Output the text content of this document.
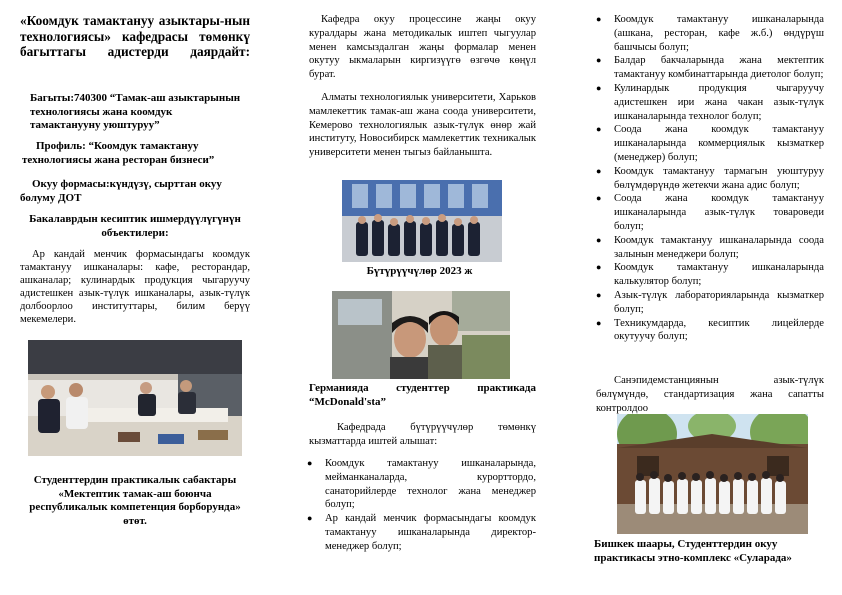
«Коомдук тамактануу азыктары-нын технологиясы» кафедрасы төмөнкү багыттагы адистерди даярдайт:

Багыты:740300 “Тамак-аш азыктарынын технологиясы жана коомдук тамактанууну уюштуруу”

Профиль: “Коомдук тамактануу технологиясы жана ресторан бизнеси”

Окуу формасы:күндүзү, сырттан окуу болуму ДОТ

Бакалаврдын кесиптик ишмердүүлүгүнүн объектилери:

Ар кандай менчик формасындагы коомдук тамактануу ишканалары: кафе, ресторандар, ашканалар; кулинардык продукция чыгаруучу адистешкен азык-түлүк ишканалары, азык-түлүк долбоорлоо институттары, билим берүү мекемелери.

Студенттердин практикалык сабактары «Мектептик тамак-аш боюнча республикалык компетенция борборунда» өтөт.

Кафедра окуу процессине жаңы окуу куралдары жана методикалык иштеп чыгуулар менен камсыздалган жаңы формалар менен окутуу ыкмаларын киргизүүгө өзгөчө көңүл бурат.

Алматы технологиялык университети, Харьков мамлекеттик тамак-аш жана соода университети, Кемерово технологиялык азык-түлүк өнөр жай институту, Новосибирск мамлекеттик техникалык университети менен тыгыз байланышта.

Бүтүрүүчүлөр 2023 ж

Германияда студенттер практикада “McDonald'sta”

Кафедрада бүтүрүүчүлөр төмөнкү кызматтарда иштей алышат:

● Коомдук тамактануу ишканаларында, мейманканаларда, курорттордо, санаторийлерде технолог жана менеджер болуп;
● Ар кандай менчик формасындагы коомдук тамактануу ишканаларында директор-менеджер болуп;
● Коомдук тамактануу ишканаларында (ашкана, ресторан, кафе ж.б.) өндүрүш башчысы болуп;
● Балдар бакчаларында жана мектептик тамактануу комбинаттарында диетолог болуп;
● Кулинардык продукция чыгаруучу адистешкен ири жана чакан азык-түлүк ишканаларында технолог болуп;
● Соода жана коомдук тамактануу ишканаларында коммерциялык кызматкер (менеджер) болуп;
● Коомдук тамактануу тармагын уюштуруу бөлүмдөрүндө жетекчи жана адис болуп;
● Соода жана коомдук тамактануу ишканаларында азык-түлүк товароведи болуп;
● Коомдук тамактануу ишканаларында соода залынын менеджери болуп;
● Коомдук тамактануу ишканаларында калькулятор болуп;
● Азык-түлүк лабораторияларында кызматкер болуп;
● Техникумдарда, кесиптик лицейлерде окутуучу болуп;

Санэпидемстанциянын азык-түлүк бөлүмүндө, стандартизация жана сапатты контролдоо

Бишкек шаары, Студенттердин окуу практикасы этно-комплекс «Суларада»
